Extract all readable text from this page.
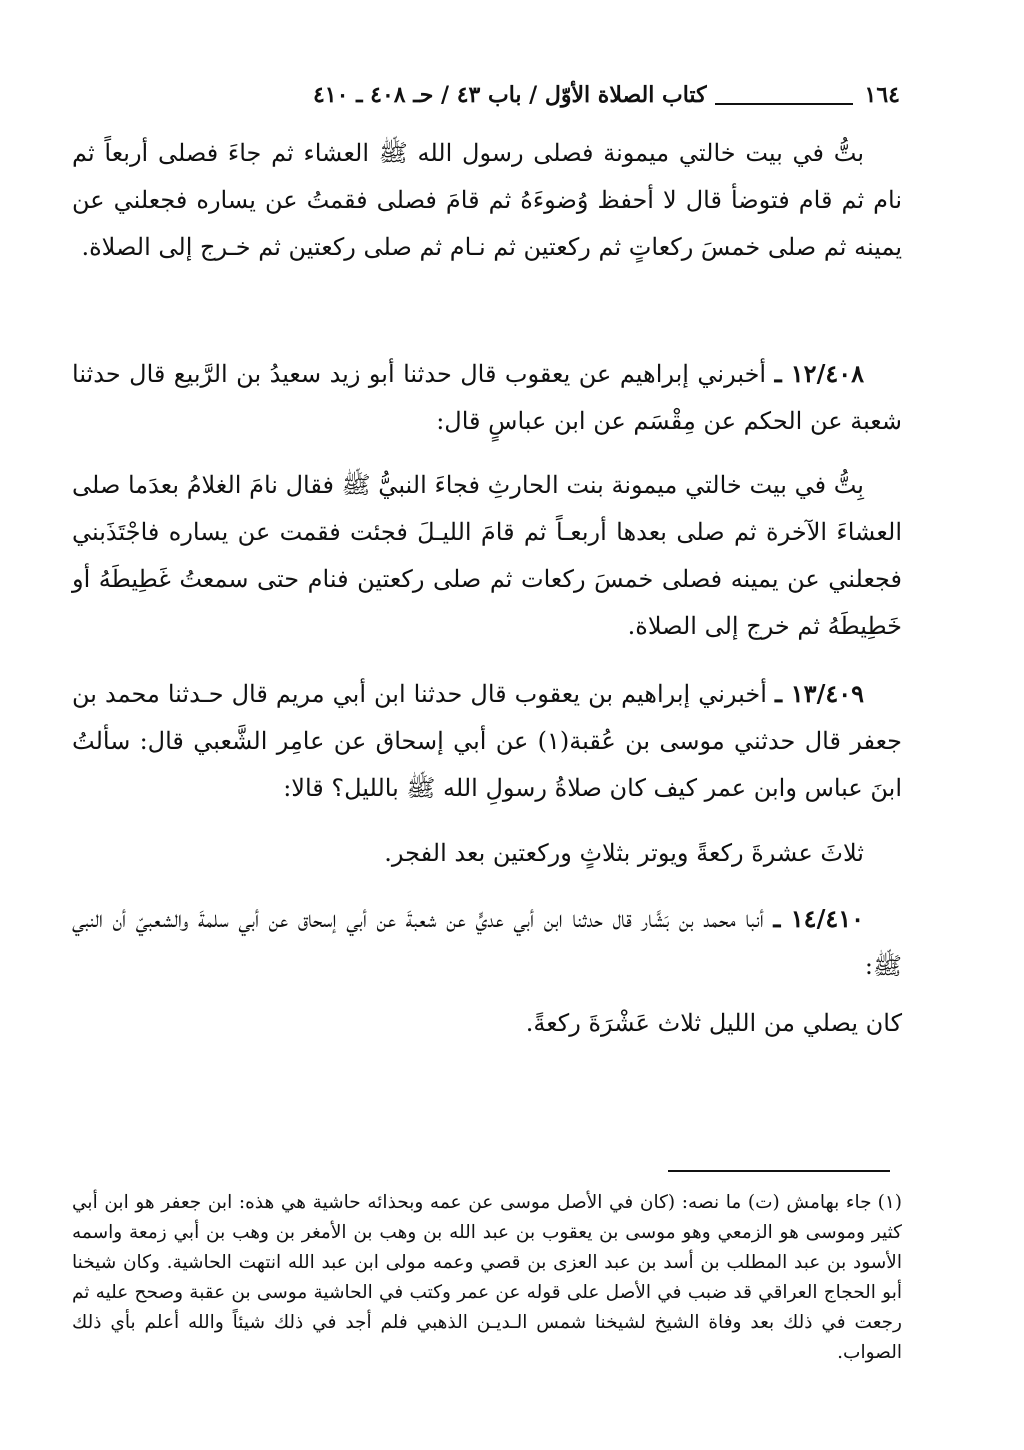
١٦٤
كتاب الصلاة الأوّل / باب ٤٣ / حـ ٤٠٨ ـ ٤١٠
بتُّ في بيت خالتي ميمونة فصلى رسول الله ﷺ العشاء ثم جاءَ فصلى أربعاً ثم نام ثم قام فتوضأ قال لا أحفظ وُضوءَهُ ثم قامَ فصلى فقمتُ عن يساره فجعلني عن يمينه ثم صلى خمسَ ركعاتٍ ثم ركعتين ثم نـام ثم صلى ركعتين ثم خـرج إلى الصلاة.
١٢/٤٠٨ ـ أخبرني إبراهيم عن يعقوب قال حدثنا أبو زيد سعيدُ بن الرَّبيع قال حدثنا شعبة عن الحكم عن مِقْسَم عن ابن عباسٍ قال:
بِتُّ في بيت خالتي ميمونة بنت الحارثِ فجاءَ النبيُّ ﷺ فقال نامَ الغلامُ بعدَما صلى العشاءَ الآخرة ثم صلى بعدها أربعـاً ثم قامَ الليـلَ فجئت فقمت عن يساره فاجْتَذَبني فجعلني عن يمينه فصلى خمسَ ركعات ثم صلى ركعتين فنام حتى سمعتُ غَطِيطَهُ أو خَطِيطَهُ ثم خرج إلى الصلاة.
١٣/٤٠٩ ـ أخبرني إبراهيم بن يعقوب قال حدثنا ابن أبي مريم قال حـدثنا محمد بن جعفر قال حدثني موسى بن عُقبة(١) عن أبي إسحاق عن عامِر الشَّعبي قال: سألتُ ابنَ عباس وابن عمر كيف كان صلاةُ رسولِ الله ﷺ بالليل؟ قالا:
ثلاثَ عشرةَ ركعةً ويوتر بثلاثٍ وركعتين بعد الفجر.
١٤/٤١٠ ـ أنبا محمد بن بَشَّار قال حدثنا ابن أبي عديٍّ عن شعبةَ عن أبي إسحاق عن أبي سلمةَ والشعبيّ أن النبي ﷺ:
كان يصلي من الليل ثلاث عَشْرَةَ ركعةً.
(١)جاء بهامش (ت) ما نصه: (كان في الأصل موسى عن عمه وبحذائه حاشية هي هذه: ابن جعفر هو ابن أبي كثير وموسى هو الزمعي وهو موسى بن يعقوب بن عبد الله بن وهب بن الأمغر بن وهب بن أبي زمعة واسمه الأسود بن عبد المطلب بن أسد بن عبد العزى بن قصي وعمه مولى ابن عبد الله انتهت الحاشية. وكان شيخنا أبو الحجاج العراقي قد ضبب في الأصل على قوله عن عمر وكتب في الحاشية موسى بن عقبة وصحح عليه ثم رجعت في ذلك بعد وفاة الشيخ لشيخنا شمس الـديـن الذهبي فلم أجد في ذلك شيئاً والله أعلم بأي ذلك الصواب.
